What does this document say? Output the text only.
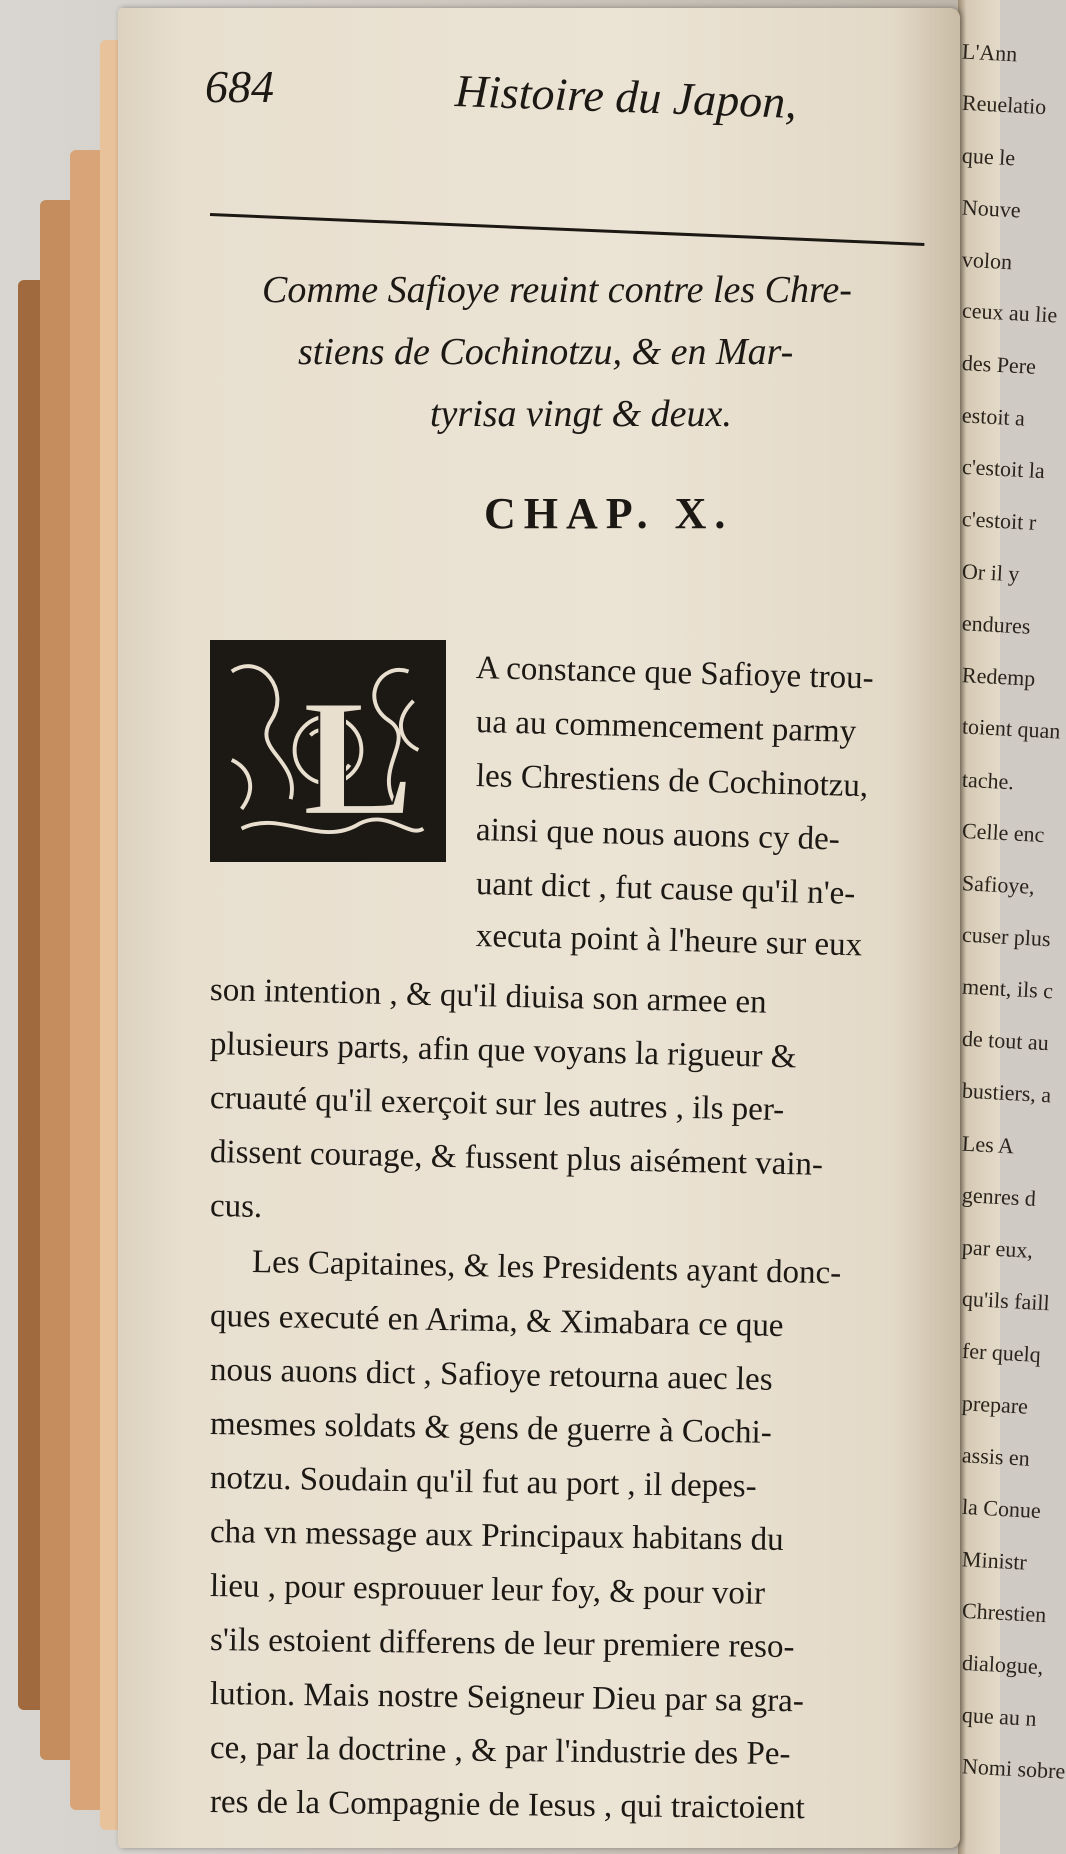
L'Ann
Reuelatio
que le
Nouve
volon
ceux au lie
des Pere
estoit a
c'estoit la
c'estoit r
Or il y
endures
Redemp
toient quan
tache.
Celle enc
Safioye,
cuser plus
ment, ils c
de tout au
bustiers, a
Les A
genres d
par eux,
qu'ils faill
fer quelq
prepare
assis en
la Conue
Ministr
Chrestien
dialogue,
que au n
Nomi sobre
684	Histoire du Japon,
Comme Safioye reuint contre les Chre-
stiens de Cochinotzu, & en Mar-
tyrisa vingt & deux.
CHAP. X.
L A constance que Safioye trou-
ua au commencement parmy
les Chrestiens de Cochinotzu,
ainsi que nous auons cy de-
uant dict , fut cause qu'il n'e-
xecuta point à l'heure sur eux
son intention , & qu'il diuisa son armee en
plusieurs parts, afin que voyans la rigueur &
cruauté qu'il exerçoit sur les autres , ils per-
dissent courage, & fussent plus aisément vain-
cus.
Les Capitaines, & les Presidents ayant donc-
ques executé en Arima, & Ximabara ce que
nous auons dict , Safioye retourna auec les
mesmes soldats & gens de guerre à Cochi-
notzu. Soudain qu'il fut au port , il depes-
cha vn message aux Principaux habitans du
lieu , pour esprouuer leur foy, & pour voir
s'ils estoient differens de leur premiere reso-
lution. Mais nostre Seigneur Dieu par sa gra-
ce, par la doctrine , & par l'industrie des Pe-
res de la Compagnie de Iesus , qui traictoient
